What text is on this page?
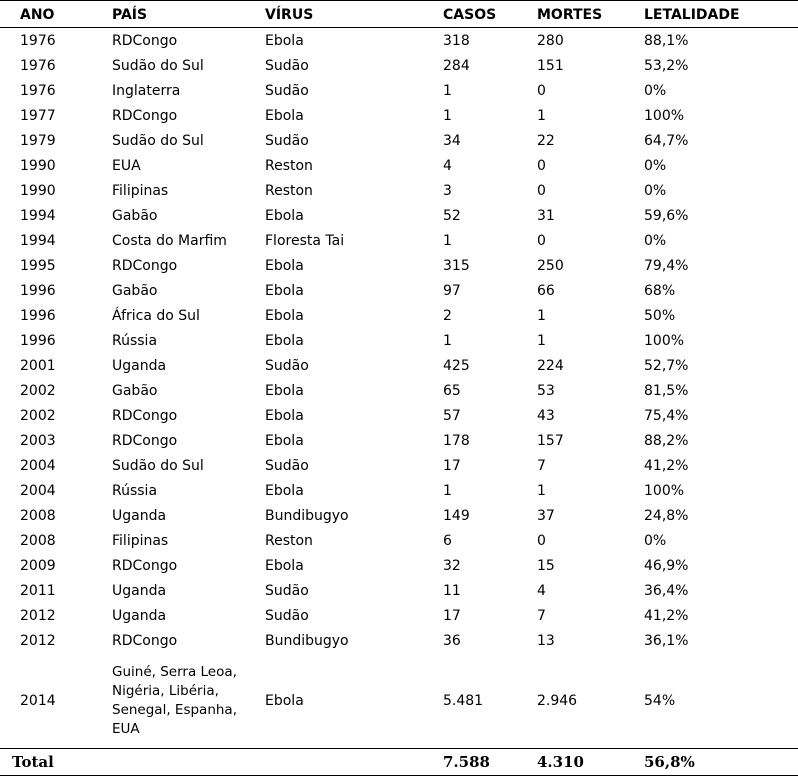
ANO	PAÍS	VÍRUS	CASOS	MORTES	LETALIDADE
1976	RDCongo	Ebola	318	280	88,1%
1976	Sudão do Sul	Sudão	284	151	53,2%
1976	Inglaterra	Sudão	1	0	0%
1977	RDCongo	Ebola	1	1	100%
1979	Sudão do Sul	Sudão	34	22	64,7%
1990	EUA	Reston	4	0	0%
1990	Filipinas	Reston	3	0	0%
1994	Gabão	Ebola	52	31	59,6%
1994	Costa do Marfim	Floresta Tai	1	0	0%
1995	RDCongo	Ebola	315	250	79,4%
1996	Gabão	Ebola	97	66	68%
1996	África do Sul	Ebola	2	1	50%
1996	Rússia	Ebola	1	1	100%
2001	Uganda	Sudão	425	224	52,7%
2002	Gabão	Ebola	65	53	81,5%
2002	RDCongo	Ebola	57	43	75,4%
2003	RDCongo	Ebola	178	157	88,2%
2004	Sudão do Sul	Sudão	17	7	41,2%
2004	Rússia	Ebola	1	1	100%
2008	Uganda	Bundibugyo	149	37	24,8%
2008	Filipinas	Reston	6	0	0%
2009	RDCongo	Ebola	32	15	46,9%
2011	Uganda	Sudão	11	4	36,4%
2012	Uganda	Sudão	17	7	41,2%
2012	RDCongo	Bundibugyo	36	13	36,1%
2014	Guiné, Serra Leoa, Nigéria, Libéria, Senegal, Espanha, EUA	Ebola	5.481	2.946	54%
Total			7.588	4.310	56,8%
